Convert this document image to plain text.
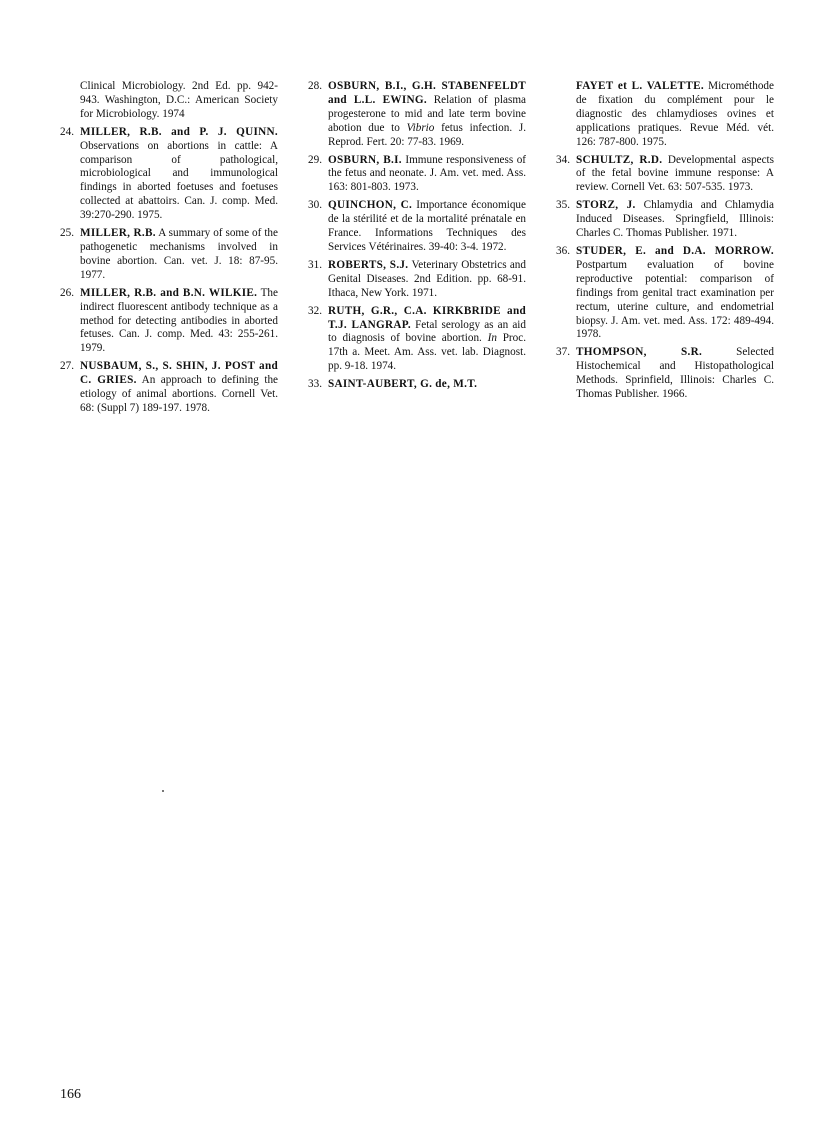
Clinical Microbiology. 2nd Ed. pp. 942-943. Washington, D.C.: American Society for Microbiology. 1974

24. MILLER, R.B. and P. J. QUINN. Observations on abortions in cattle: A comparison of pathological, microbiological and immunological findings in aborted foetuses and foetuses collected at abattoirs. Can. J. comp. Med. 39:270-290. 1975.

25. MILLER, R.B. A summary of some of the pathogenetic mechanisms involved in bovine abortion. Can. vet. J. 18: 87-95. 1977.

26. MILLER, R.B. and B.N. WILKIE. The indirect fluorescent antibody technique as a method for detecting antibodies in aborted fetuses. Can. J. comp. Med. 43: 255-261. 1979.

27. NUSBAUM, S., S. SHIN, J. POST and C. GRIES. An approach to defining the etiology of animal abortions. Cornell Vet. 68: (Suppl 7) 189-197. 1978.

28. OSBURN, B.I., G.H. STABENFELDT and L.L. EWING. Relation of plasma progesterone to mid and late term bovine abotion due to Vibrio fetus infection. J. Reprod. Fert. 20: 77-83. 1969.

29. OSBURN, B.I. Immune responsiveness of the fetus and neonate. J. Am. vet. med. Ass. 163: 801-803. 1973.

30. QUINCHON, C. Importance économique de la stérilité et de la mortalité prénatale en France. Informations Techniques des Services Vétérinaires. 39-40: 3-4. 1972.

31. ROBERTS, S.J. Veterinary Obstetrics and Genital Diseases. 2nd Edition. pp. 68-91. Ithaca, New York. 1971.

32. RUTH, G.R., C.A. KIRKBRIDE and T.J. LANGRAP. Fetal serology as an aid to diagnosis of bovine abortion. In Proc. 17th a. Meet. Am. Ass. vet. lab. Diagnost. pp. 9-18. 1974.

33. SAINT-AUBERT, G. de, M.T.

FAYET et L. VALETTE. Microméthode de fixation du complément pour le diagnostic des chlamydioses ovines et applications pratiques. Revue Méd. vét. 126: 787-800. 1975.

34. SCHULTZ, R.D. Developmental aspects of the fetal bovine immune response: A review. Cornell Vet. 63: 507-535. 1973.

35. STORZ, J. Chlamydia and Chlamydia Induced Diseases. Springfield, Illinois: Charles C. Thomas Publisher. 1971.

36. STUDER, E. and D.A. MORROW. Postpartum evaluation of bovine reproductive potential: comparison of findings from genital tract examination per rectum, uterine culture, and endometrial biopsy. J. Am. vet. med. Ass. 172: 489-494. 1978.

37. THOMPSON, S.R.	Selected Histochemical and Histopathological Methods. Sprinfield, Illinois: Charles C. Thomas Publisher. 1966.

166
